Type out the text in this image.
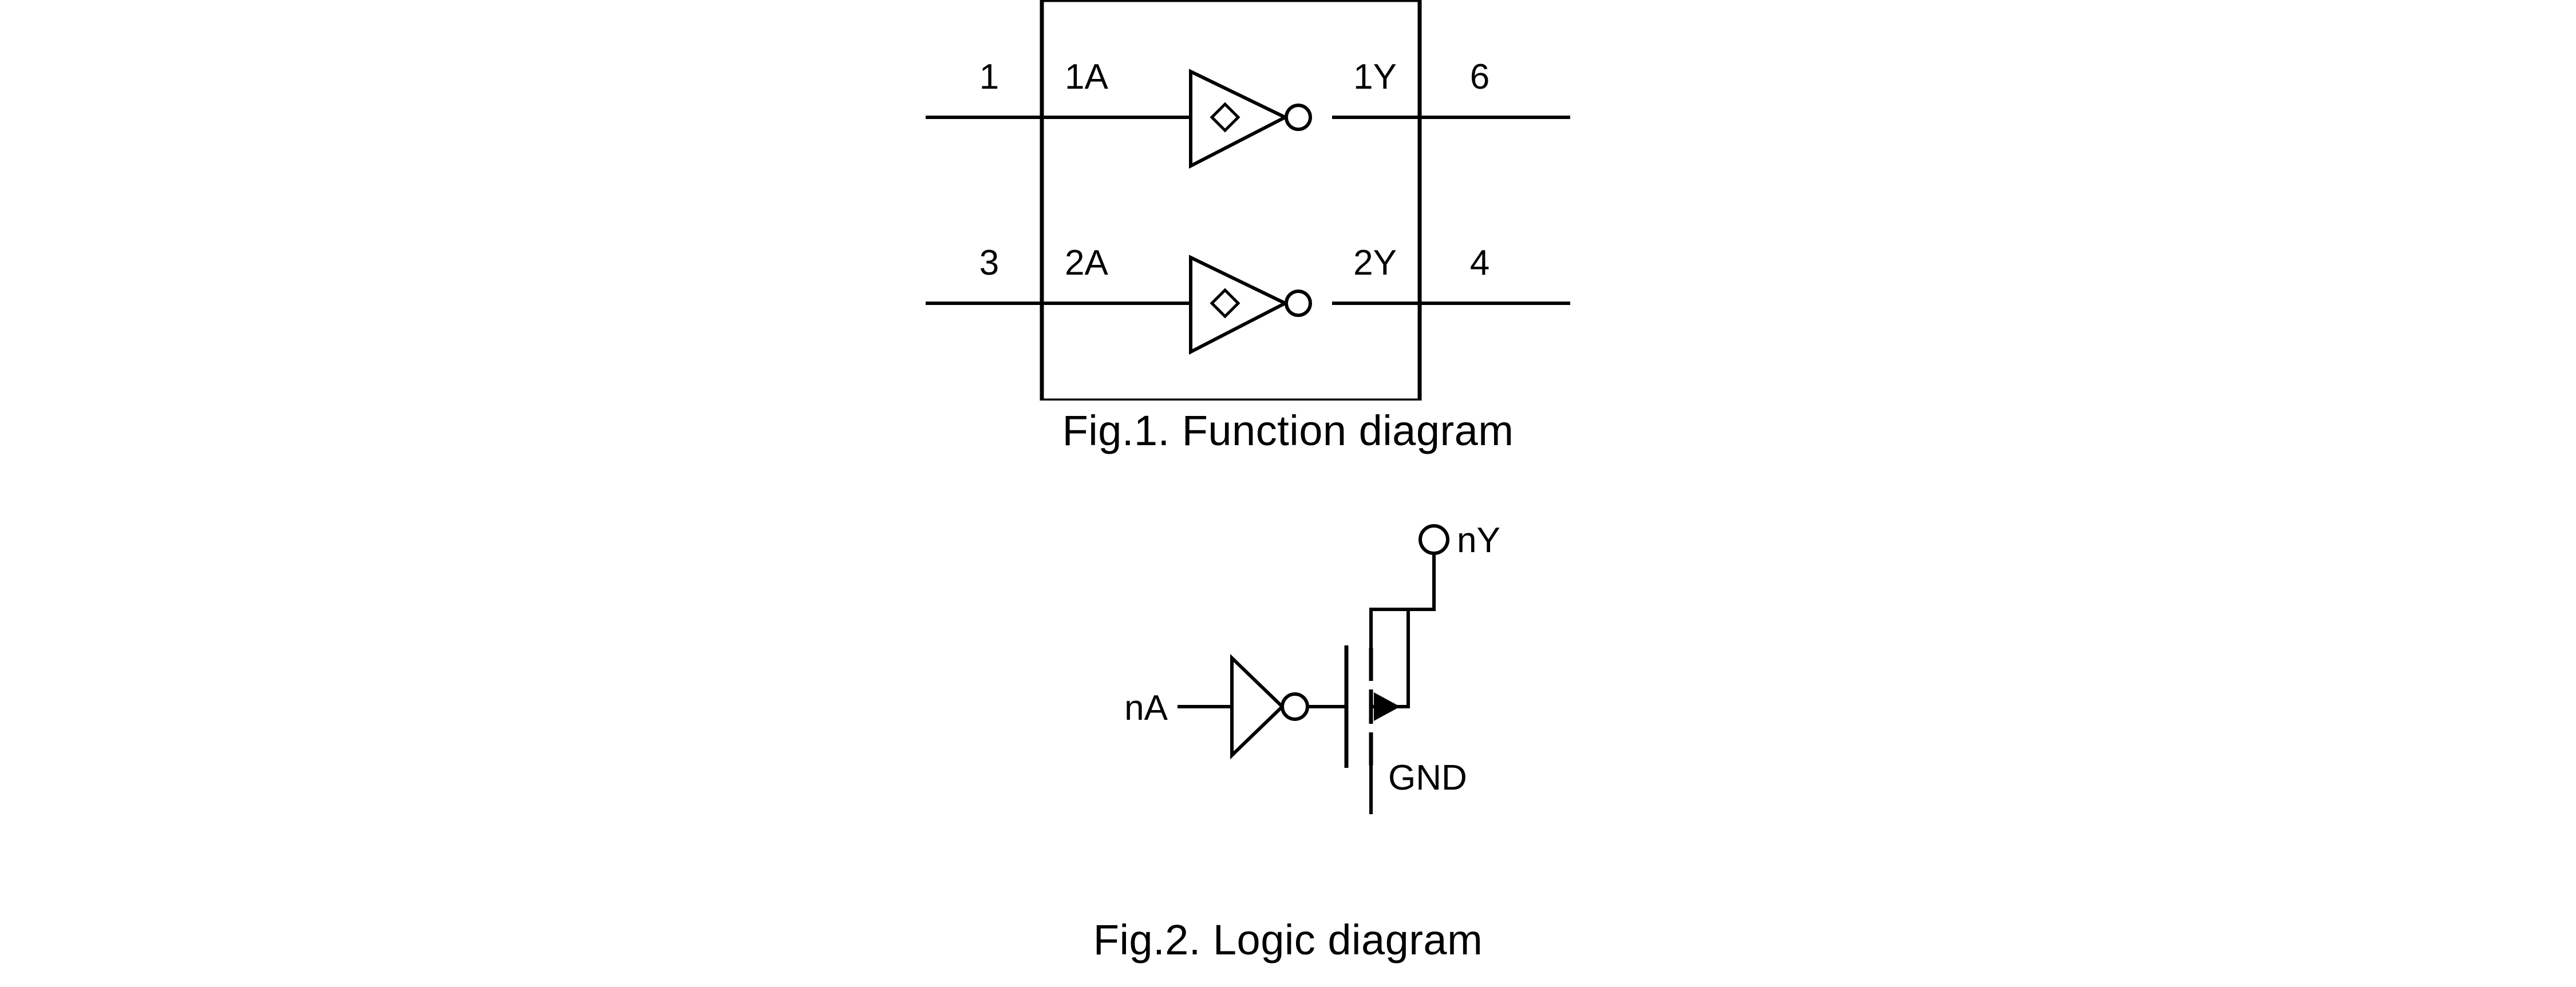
1 1A	1Y 6
3 2A	2Y 4
Fig.1. Function diagram
nY
nA
GND
Fig.2. Logic diagram
